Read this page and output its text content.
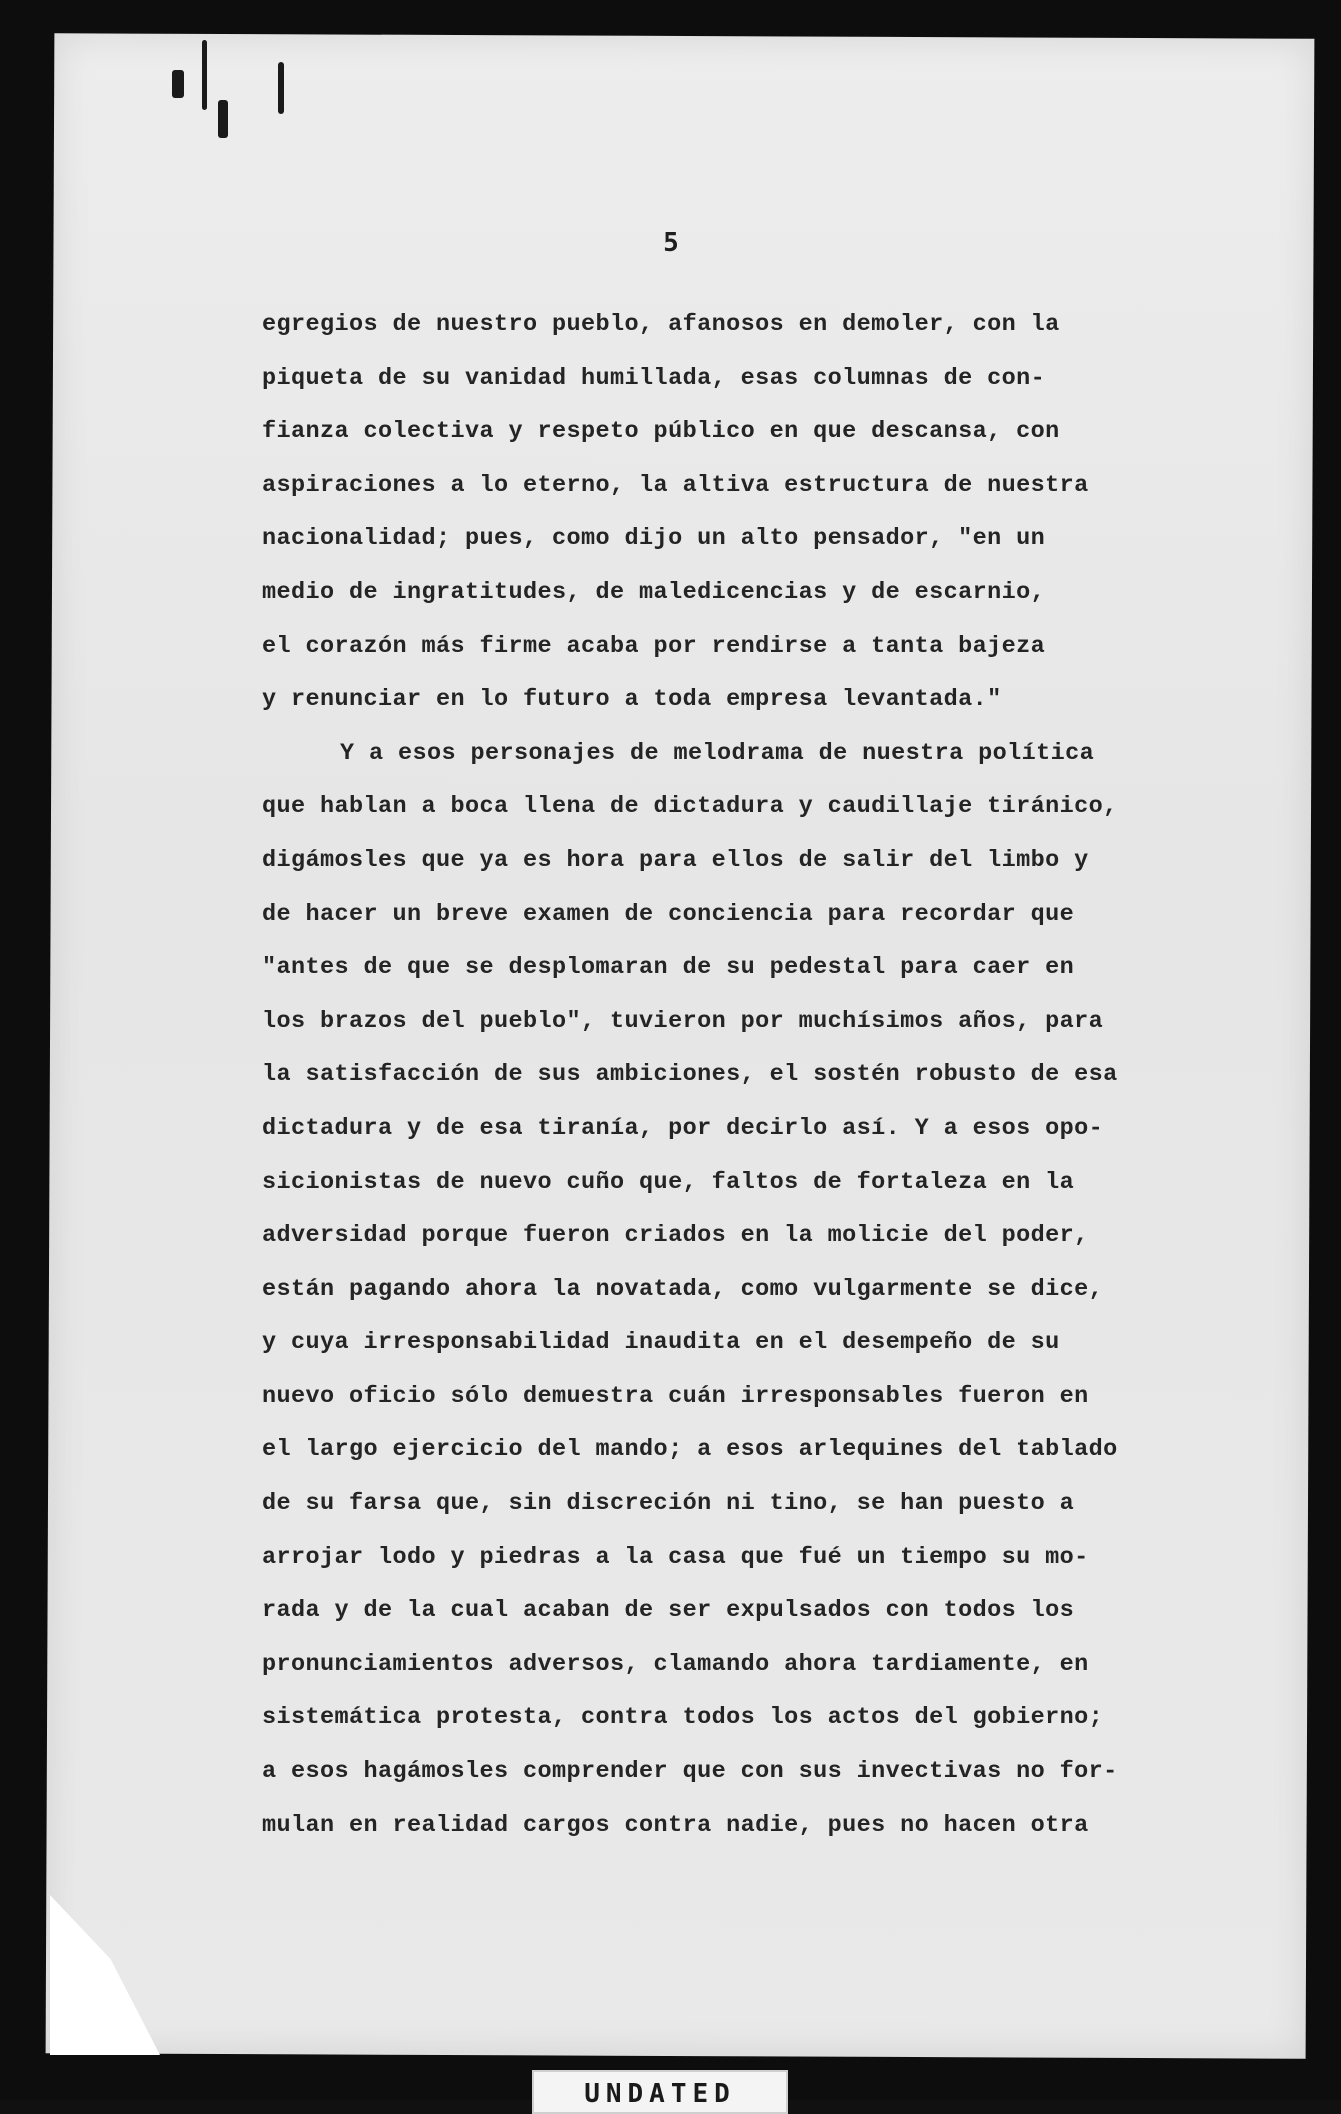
5
egregios de nuestro pueblo, afanosos en demoler, con la
piqueta de su vanidad humillada, esas columnas de con-
fianza colectiva y respeto público en que descansa, con
aspiraciones a lo eterno, la altiva estructura de nuestra
nacionalidad; pues, como dijo un alto pensador, "en un
medio de ingratitudes, de maledicencias y de escarnio,
el corazón más firme acaba por rendirse a tanta bajeza
y renunciar en lo futuro a toda empresa levantada."
Y a esos personajes de melodrama de nuestra política
que hablan a boca llena de dictadura y caudillaje tiránico,
digámosles que ya es hora para ellos de salir del limbo y
de hacer un breve examen de conciencia para recordar que
"antes de que se desplomaran de su pedestal para caer en
los brazos del pueblo", tuvieron por muchísimos años, para
la satisfacción de sus ambiciones, el sostén robusto de esa
dictadura y de esa tiranía, por decirlo así. Y a esos opo-
sicionistas de nuevo cuño que, faltos de fortaleza en la
adversidad porque fueron criados en la molicie del poder,
están pagando ahora la novatada, como vulgarmente se dice,
y cuya irresponsabilidad inaudita en el desempeño de su
nuevo oficio sólo demuestra cuán irresponsables fueron en
el largo ejercicio del mando; a esos arlequines del tablado
de su farsa que, sin discreción ni tino, se han puesto a
arrojar lodo y piedras a la casa que fué un tiempo su mo-
rada y de la cual acaban de ser expulsados con todos los
pronunciamientos adversos, clamando ahora tardiamente, en
sistemática protesta, contra todos los actos del gobierno;
a esos hagámosles comprender que con sus invectivas no for-
mulan en realidad cargos contra nadie, pues no hacen otra
UNDATED
